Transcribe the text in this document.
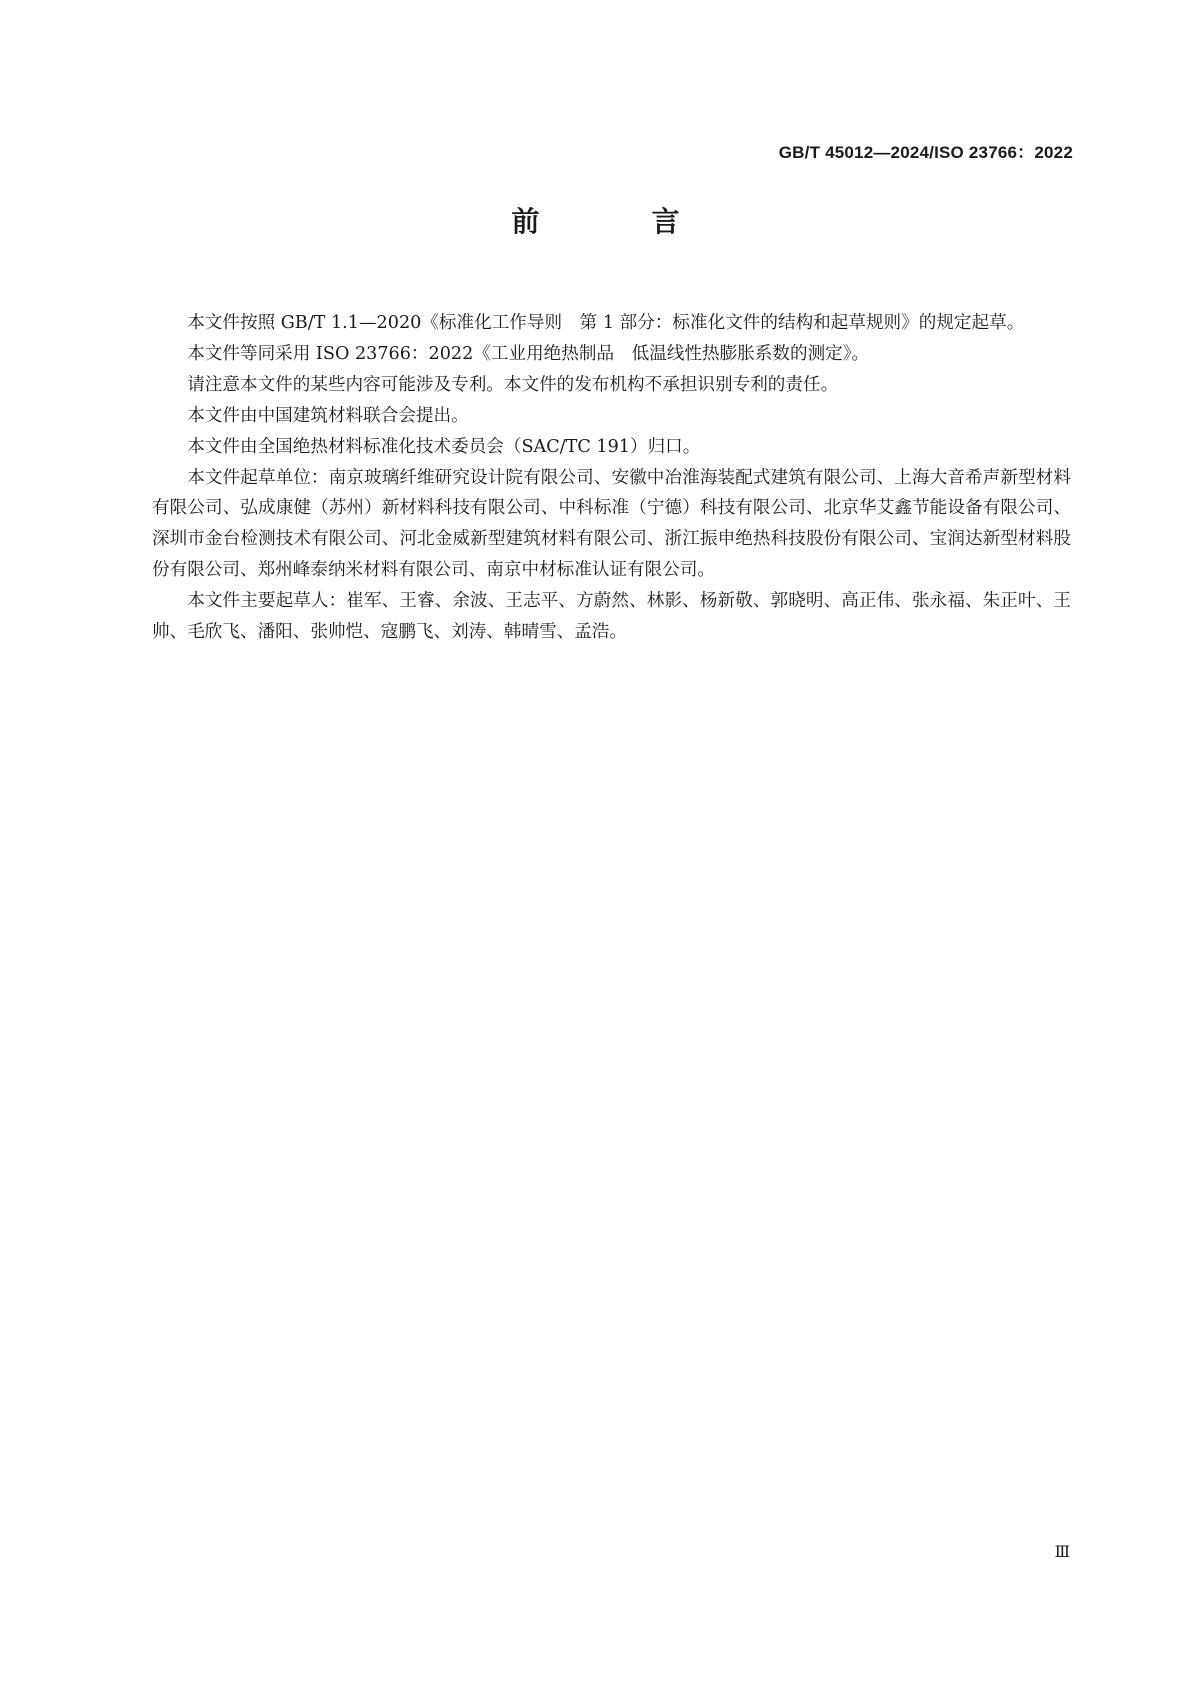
GB/T 45012—2024/ISO 23766：2022
前　言

本文件按照 GB/T 1.1—2020《标准化工作导则　第 1 部分：标准化文件的结构和起草规则》的规定起草。

本文件等同采用 ISO 23766：2022《工业用绝热制品　低温线性热膨胀系数的测定》。

请注意本文件的某些内容可能涉及专利。本文件的发布机构不承担识别专利的责任。

本文件由中国建筑材料联合会提出。

本文件由全国绝热材料标准化技术委员会（SAC/TC 191）归口。

本文件起草单位：南京玻璃纤维研究设计院有限公司、安徽中冶淮海装配式建筑有限公司、上海大音希声新型材料有限公司、弘成康健（苏州）新材料科技有限公司、中科标准（宁德）科技有限公司、北京华艾鑫节能设备有限公司、深圳市金台检测技术有限公司、河北金威新型建筑材料有限公司、浙江振申绝热科技股份有限公司、宝润达新型材料股份有限公司、郑州峰泰纳米材料有限公司、南京中材标准认证有限公司。

本文件主要起草人：崔军、王睿、余波、王志平、方蔚然、林影、杨新敬、郭晓明、高正伟、张永福、朱正叶、王帅、毛欣飞、潘阳、张帅恺、寇鹏飞、刘涛、韩晴雪、孟浩。

Ⅲ
